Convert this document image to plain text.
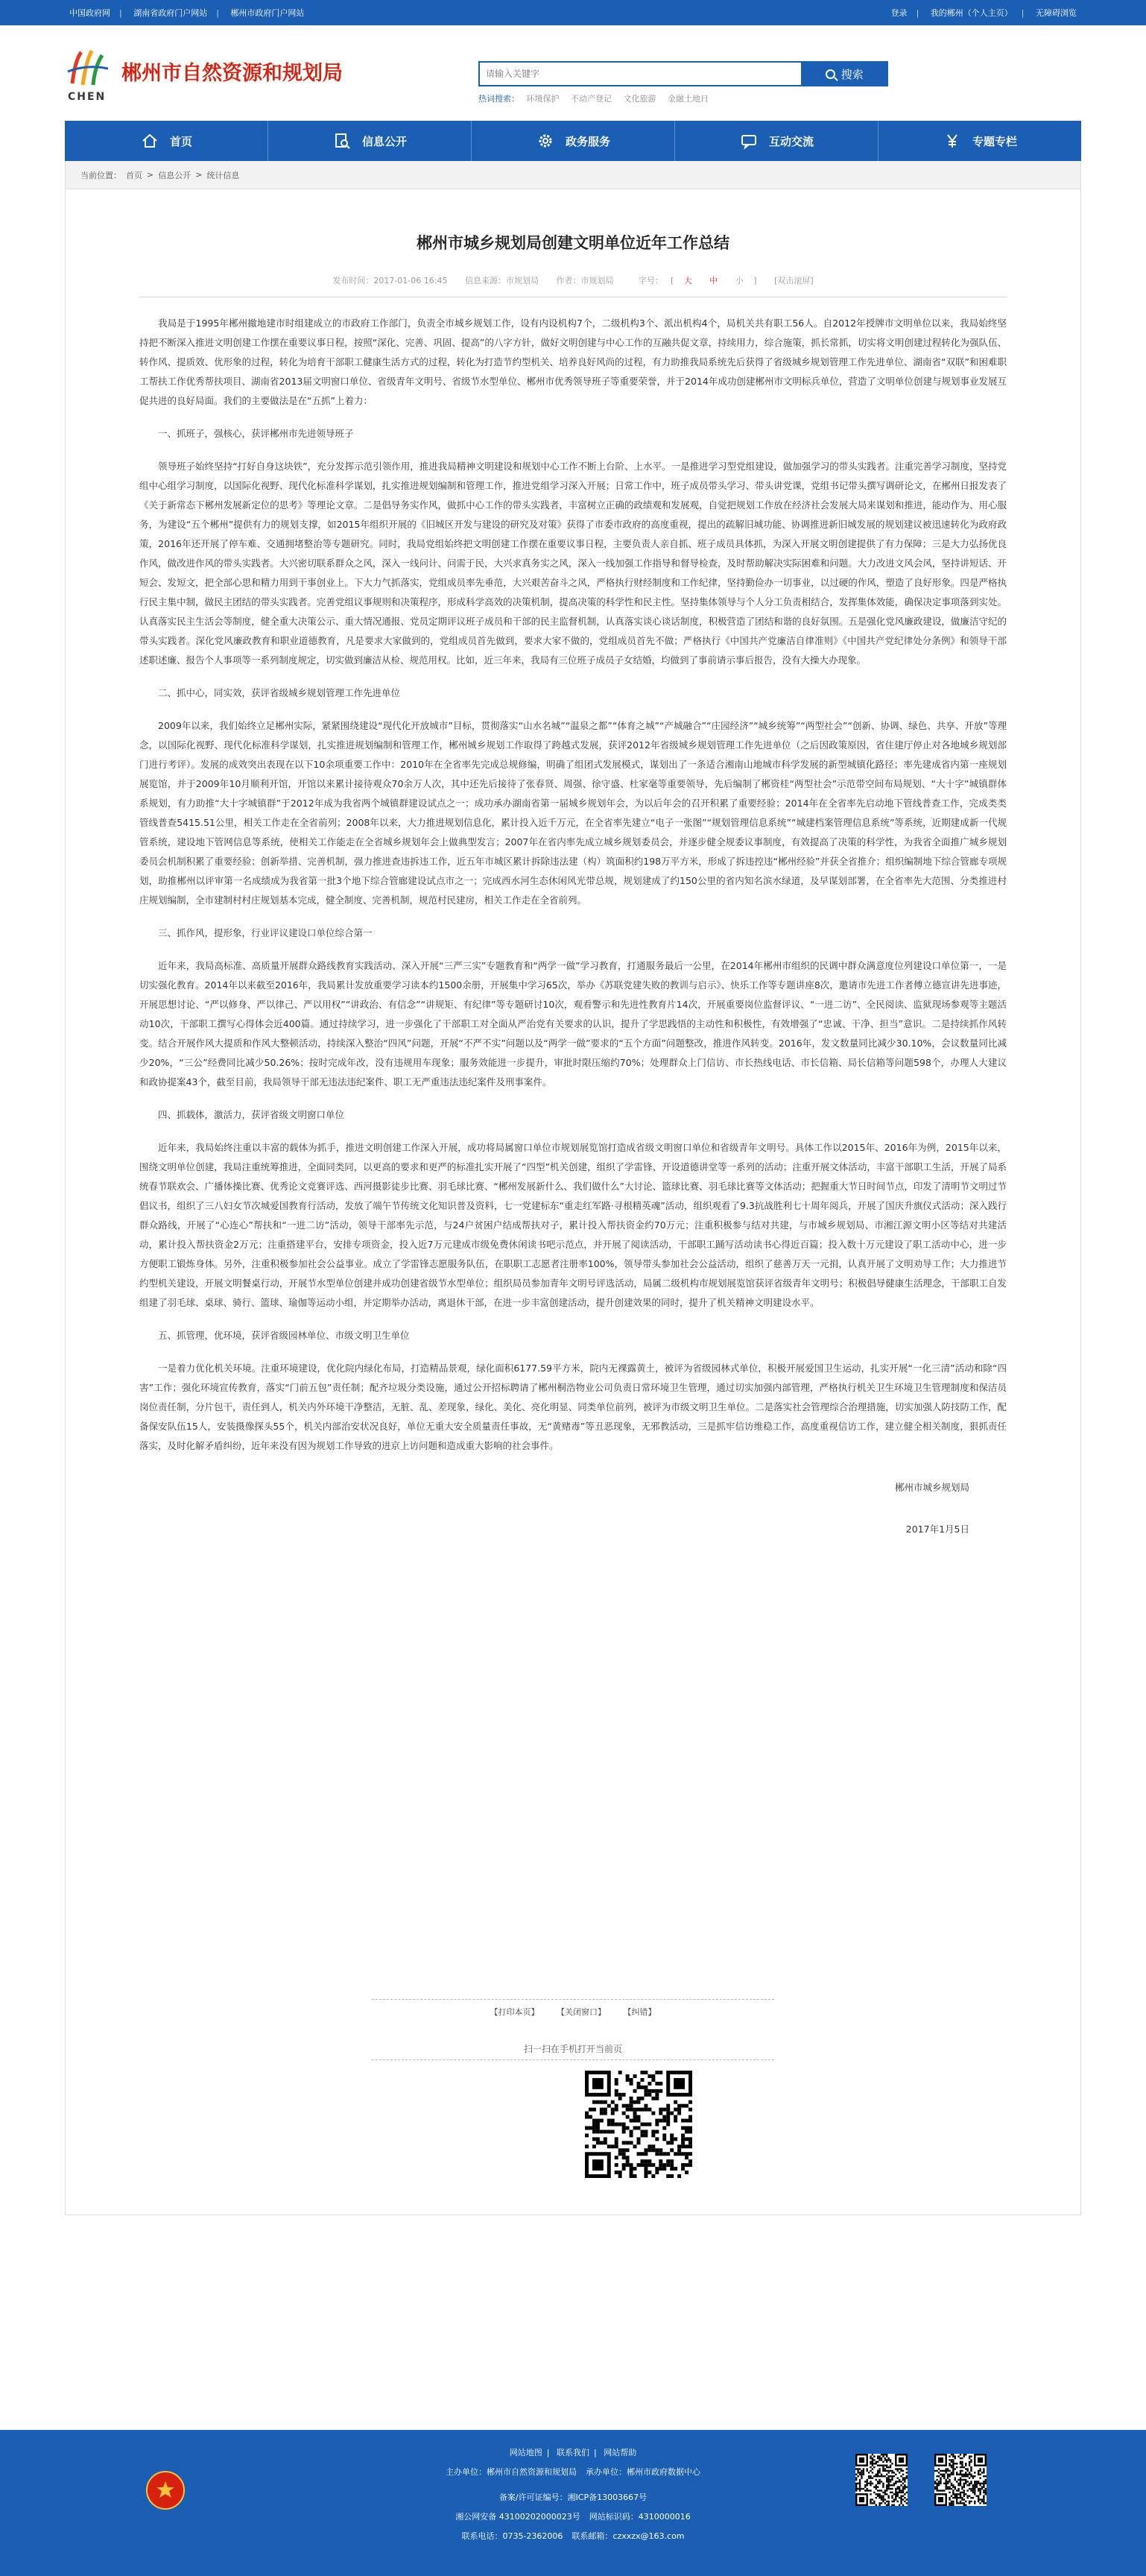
中国政府网 | 湖南省政府门户网站 | 郴州市政府门户网站	登录 | 我的郴州（个人主页） | 无障碍浏览
CHEN
郴州市自然资源和规划局
请输入关键字	搜索
热词搜索： 环境保护 不动产登记 文化旅游 金融土地日
首页	信息公开	政务服务	互动交流	专题专栏
当前位置： 首页 > 信息公开 > 统计信息
郴州市城乡规划局创建文明单位近年工作总结
发布时间：2017-01-06 16:45 信息来源：市规划局 作者：市规划局	字号： [ 大 中 小 ] [双击滚屏]

我局是于1995年郴州撤地建市时组建成立的市政府工作部门，负责全市城乡规划工作，设有内设机构7个，二级机构3个、派出机构4个，局机关共有职工56人。自2012年授牌市文明单位以来，我局始终坚持把不断深入推进文明创建工作摆在重要议事日程，按照“深化、完善、巩固、提高”的八字方针，做好文明创建与中心工作的互融共促文章，持续用力，综合施策，抓长常抓，切实将文明创建过程转化为强队伍、转作风、提质效、优形象的过程，转化为培育干部职工健康生活方式的过程，转化为打造节约型机关、培养良好风尚的过程，有力助推我局系统先后获得了省级城乡规划管理工作先进单位、湖南省“双联”和困难职工帮扶工作优秀帮扶项目、湖南省2013届文明窗口单位、省级青年文明号、省级节水型单位、郴州市优秀领导班子等重要荣誉，并于2014年成功创建郴州市文明标兵单位，营造了文明单位创建与规划事业发展互促共进的良好局面。我们的主要做法是在“五抓”上着力：

一、抓班子，强核心，获评郴州市先进领导班子

领导班子始终坚持“打好自身这块铁”，充分发挥示范引领作用，推进我局精神文明建设和规划中心工作不断上台阶、上水平。一是推进学习型党组建设，做加强学习的带头实践者。注重完善学习制度，坚持党组中心组学习制度，以国际化视野、现代化标准科学谋划，扎实推进规划编制和管理工作，推进党组学习深入开展；日常工作中，班子成员带头学习、带头讲党课，党组书记带头撰写调研论文，在郴州日报发表了《关于新常态下郴州发展新定位的思考》等理论文章。二是倡导务实作风，做抓中心工作的带头实践者，丰富树立正确的政绩观和发展观，自觉把规划工作放在经济社会发展大局来谋划和推进，能动作为、用心服务，为建设“五个郴州”提供有力的规划支撑，如2015年组织开展的《旧城区开发与建设的研究及对策》获得了市委市政府的高度重视，提出的疏解旧城功能、协调推进新旧城发展的规划建议被迅速转化为政府政策，2016年还开展了停车难、交通拥堵整治等专题研究。同时，我局党组始终把文明创建工作摆在重要议事日程，主要负责人亲自抓、班子成员具体抓，为深入开展文明创建提供了有力保障；三是大力弘扬优良作风，做改进作风的带头实践者。大兴密切联系群众之风，深入一线问计、问需于民，大兴求真务实之风，深入一线加强工作指导和督导检查，及时帮助解决实际困难和问题。大力改进文风会风，坚持讲短话、开短会、发短文，把全部心思和精力用到干事创业上。下大力气抓落实，党组成员率先垂范，大兴艰苦奋斗之风，严格执行财经制度和工作纪律，坚持勤俭办一切事业，以过硬的作风，塑造了良好形象。四是严格执行民主集中制，做民主团结的带头实践者。完善党组议事规则和决策程序，形成科学高效的决策机制，提高决策的科学性和民主性。坚持集体领导与个人分工负责相结合，发挥集体效能，确保决定事项落到实处。认真落实民主生活会等制度，健全重大决策公示、重大情况通报、党员定期评议班子成员和干部的民主监督机制，认真落实谈心谈话制度，积极营造了团结和谐的良好氛围。五是强化党风廉政建设，做廉洁守纪的带头实践者。深化党风廉政教育和职业道德教育，凡是要求大家做到的，党组成员首先做到，要求大家不做的，党组成员首先不做；严格执行《中国共产党廉洁自律准则》《中国共产党纪律处分条例》和领导干部述职述廉、报告个人事项等一系列制度规定，切实做到廉洁从检、规范用权。比如，近三年来，我局有三位班子成员子女结婚，均做到了事前请示事后报告，没有大操大办现象。

二、抓中心，同实效，获评省级城乡规划管理工作先进单位

2009年以来，我们始终立足郴州实际，紧紧围绕建设“现代化开放城市”目标，贯彻落实“山水名城”“温泉之都”“体育之城”“产城融合”“庄园经济”“城乡统筹”“两型社会”“创新、协调、绿色、共享、开放”等理念，以国际化视野、现代化标准科学谋划，扎实推进规划编制和管理工作，郴州城乡规划工作取得了跨越式发展，获评2012年省级城乡规划管理工作先进单位（之后因政策原因，省住建厅停止对各地城乡规划部门进行考评）。发展的成效突出表现在以下10余项重要工作中：2010年在全省率先完成总规修编，明确了组团式发展模式，谋划出了一条适合湘南山地城市科学发展的新型城镇化路径；率先建成省内第一座规划展览馆，并于2009年10月顺利开馆，开馆以来累计接待观众70余万人次，其中还先后接待了张春贤、周强、徐守盛、杜家毫等重要领导，先后编制了郴资桂“两型社会”示范带空间布局规划、“大十字”城镇群体系规划，有力助推“大十字城镇群”于2012年成为我省两个城镇群建设试点之一；成功承办湖南省第一届城乡规划年会，为以后年会的召开积累了重要经验；2014年在全省率先启动地下管线普查工作，完成类类管线普查5415.51公里，相关工作走在全省前列；2008年以来，大力推进规划信息化，累计投入近千万元，在全省率先建立“电子一张图”“规划管理信息系统”“城建档案管理信息系统”等系统，近期建成新一代规管系统，建设地下管网信息等系统，使相关工作能走在全省城乡规划年会上做典型发言；2007年在省内率先成立城乡规划委员会，并逐步健全规委议事制度，有效提高了决策的科学性，为我省全面推广城乡规划委员会机制积累了重要经验；创新举措、完善机制，强力推进查违拆违工作，近五年市城区累计拆除违法建（构）筑面积约198万平方米，形成了拆违控违“郴州经验”并获全省推介；组织编制地下综合管廊专项规划，助推郴州以评审第一名成绩成为我省第一批3个地下综合管廊建设试点市之一；完成西水河生态休闲风光带总规，规划建成了约150公里的省内知名滨水绿道，及早谋划部署，在全省率先大范围、分类推进村庄规划编制，全市建制村村庄规划基本完成，健全制度、完善机制，规范村民建房，相关工作走在全省前列。

三、抓作风，提形象，行业评议建设口单位综合第一

近年来，我局高标准、高质量开展群众路线教育实践活动、深入开展“三严三实”专题教育和“两学一做”学习教育，打通服务最后一公里，在2014年郴州市组织的民调中群众满意度位列建设口单位第一，一是切实强化教育。2014年以来截至2016年，我局累计发放重要学习读本约1500余册，开展集中学习65次，举办《苏联党建失败的教训与启示》、快乐工作等专题讲座8次，邀请市先进工作者傅立德宣讲先进事迹，开展思想讨论、“严以修身、严以律己、严以用权”“讲政治、有信念”“讲规矩、有纪律”等专题研讨10次，观看警示和先进性教育片14次，开展重要岗位监督评议、“一进二访”、全民阅读、监狱现场参观等主题活动10次，干部职工撰写心得体会近400篇。通过持续学习，进一步强化了干部职工对全面从严治党有关要求的认识，提升了学思践悟的主动性和积极性，有效增强了“忠诚、干净、担当”意识。二是持续抓作风转变。结合开展作风大提质和作风大整顿活动，持续深入整治“四风”问题，开展“不严不实”问题以及“两学一做”要求的“五个方面”问题整改，推进作风转变。2016年，发文数量同比减少30.10%，会议数量同比减少20%，“三公”经费同比减少50.26%；按时完成年改，没有违规用车现象；服务效能进一步提升，审批时限压缩约70%；处理群众上门信访、市长热线电话、市长信箱、局长信箱等问题598个，办理人大建议和政协提案43个，截至目前，我局领导干部无违法违纪案件、职工无严重违法违纪案件及刑事案件。

四、抓载体，激活力，获评省级文明窗口单位

近年来，我局始终注重以丰富的载体为抓手，推进文明创建工作深入开展，成功将局属窗口单位市规划展览馆打造成省级文明窗口单位和省级青年文明号。具体工作以2015年、2016年为例，2015年以来，围绕文明单位创建，我局注重统筹推进，全面同类同，以更高的要求和更严的标准扎实开展了“四型”机关创建，组织了学雷锋、开设道德讲堂等一系列的活动；注重开展文体活动，丰富干部职工生活，开展了局系统春节联欢会、广播体操比赛、优秀论文竞赛评选、西河摄影徒步比赛、羽毛球比赛、“郴州发展新什么、我们做什么”大讨论、篮球比赛、羽毛球比赛等文体活动；把握重大节日时间节点，印发了清明节文明过节倡议书，组织了三八妇女节次城爱国教育行活动，发放了端午节传统文化知识普及资料，七一党建标东“重走红军路·寻根精英魂”活动，组织观看了9.3抗战胜利七十周年阅兵，开展了国庆升旗仪式活动；深入践行群众路线，开展了“心连心”帮扶和“一进二访”活动，领导干部率先示范，与24户贫困户结成帮扶对子，累计投入帮扶资金约70万元；注重积极参与结对共建，与市城乡规划局、市湘江源文明小区等结对共建活动，累计投入帮扶资金2万元；注重搭建平台，安排专项资金，投入近7万元建成市级免费休闲读书吧示范点，并开展了阅读活动，干部职工踊写活动读书心得近百篇；投入数十万元建设了职工活动中心，进一步方便职工锻炼身体。另外，注重积极参加社会公益事业。成立了学雷锋志愿服务队伍，在职职工志愿者注册率100%，领导带头参加社会公益活动，组织了慈善万天一元捐，认真开展了文明劝导工作；大力推进节约型机关建设，开展文明餐桌行动，开展节水型单位创建并成功创建省级节水型单位；组织局员参加青年文明号评选活动，局属二级机构市规划展览馆获评省级青年文明号；积极倡导健康生活理念，干部职工自发组建了羽毛球、桌球、骑行、篮球、瑜伽等运动小组，并定期举办活动，离退休干部，在进一步丰富创建活动，提升创建效果的同时，提升了机关精神文明建设水平。

五、抓管理，优环境，获评省级园林单位、市级文明卫生单位

一是着力优化机关环境。注重环境建设，优化院内绿化布局，打造精品景观，绿化面积6177.59平方米，院内无裸露黄土，被评为省级园林式单位，积极开展爱国卫生运动，扎实开展“一化三清”活动和除“四害”工作；强化环境宣传教育，落实“门前五包”责任制；配齐垃圾分类设施，通过公开招标聘请了郴州桐浩物业公司负责日常环境卫生管理，通过切实加强内部管理，严格执行机关卫生环境卫生管理制度和保洁员岗位责任制，分片包干，责任到人，机关内外环境干净整洁，无脏、乱、差现象，绿化、美化、亮化明显、同类单位前列，被评为市级文明卫生单位。二是落实社会管理综合治理措施，切实加强人防技防工作，配备保安队伍15人，安装摄像探头55个，机关内部治安状况良好，单位无重大安全质量责任事故，无“黄赌毒”等丑恶现象，无邪教活动，三是抓牢信访维稳工作，高度重视信访工作，建立健全相关制度，狠抓责任落实，及时化解矛盾纠纷，近年来没有因为规划工作导致的进京上访问题和造成重大影响的社会事件。

郴州市城乡规划局

2017年1月5日

【打印本页】 【关闭窗口】 【纠错】
扫一扫在手机打开当前页
网站地图 | 联系我们 | 网站帮助
主办单位：郴州市自然资源和规划局 承办单位：郴州市政府数据中心
备案/许可证编号：湘ICP备13003667号
湘公网安备 43100202000023号 网站标识码：4310000016
联系电话：0735-2362006 联系邮箱：czxxzx@163.com
